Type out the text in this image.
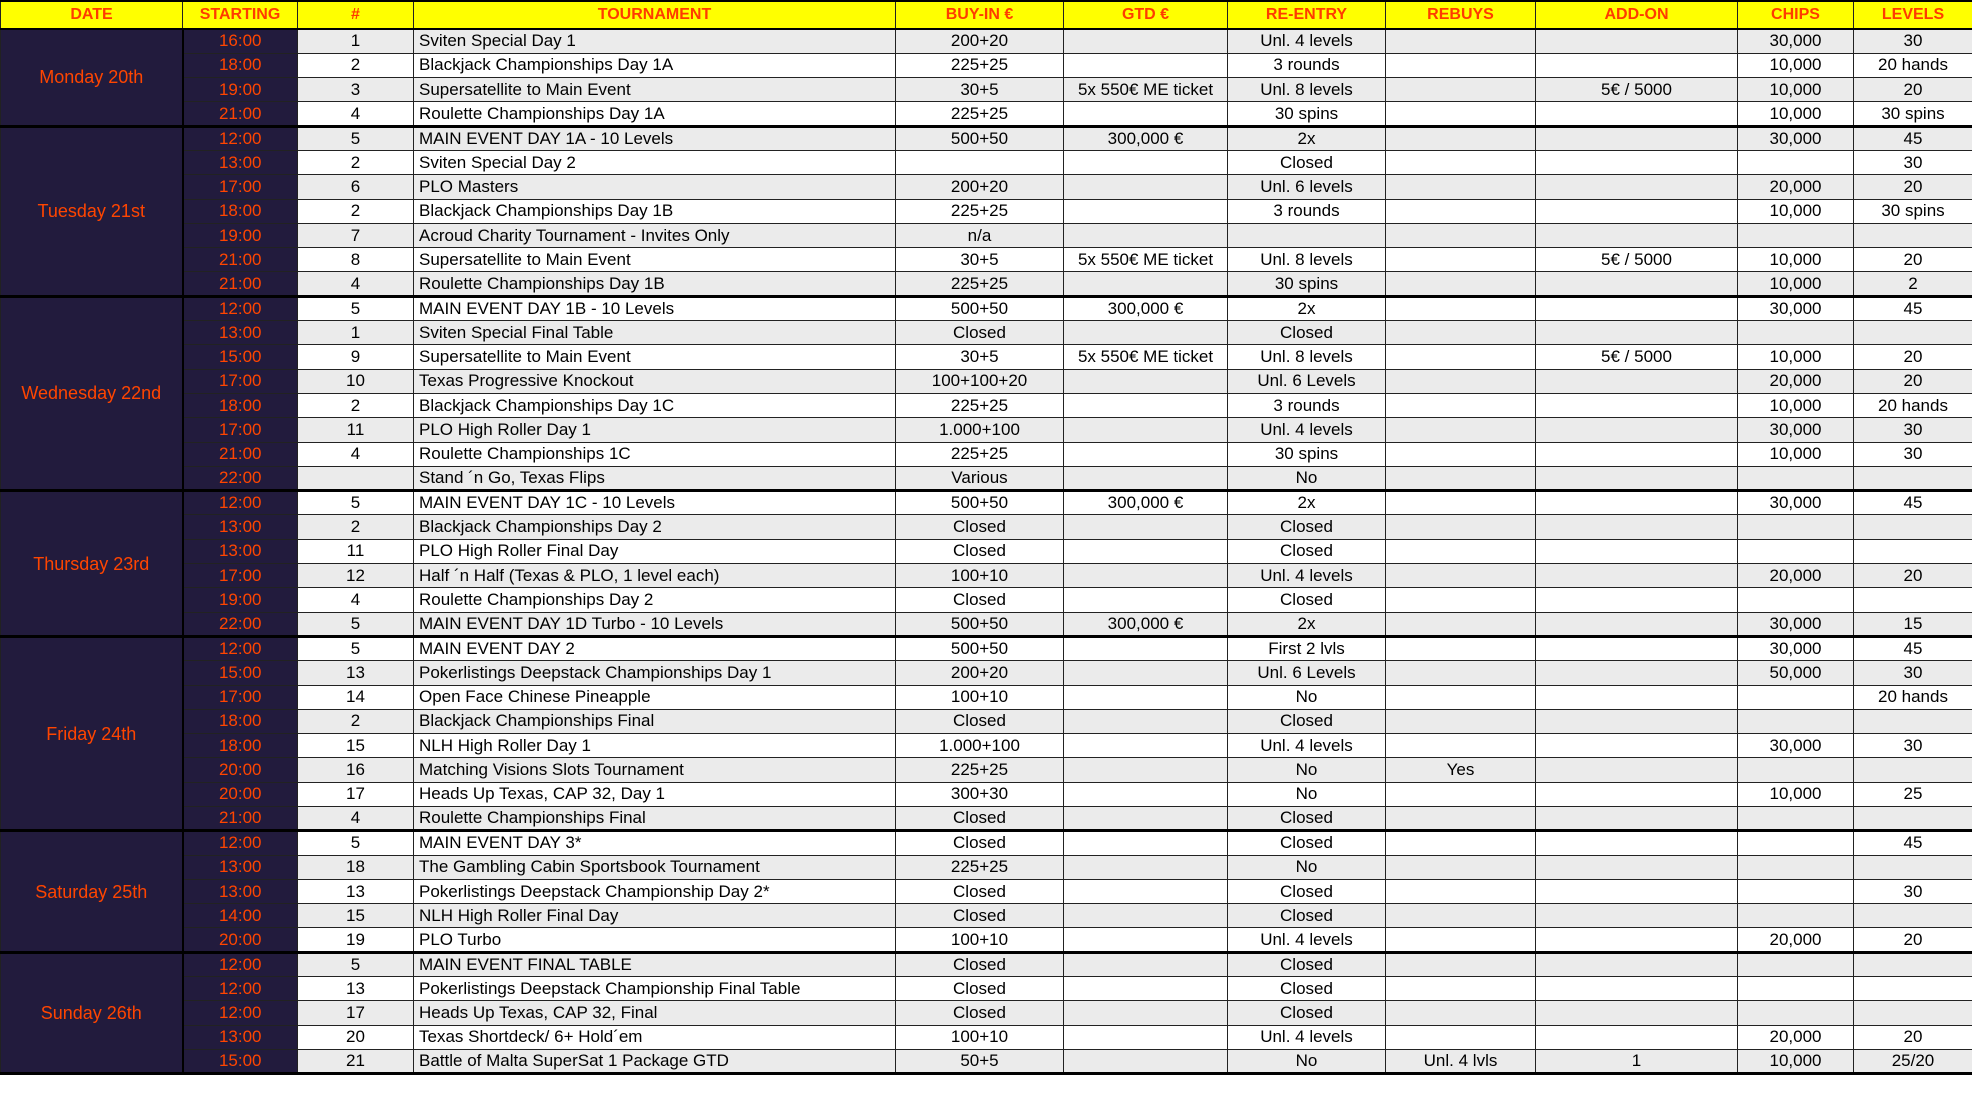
DATE	STARTING	#	TOURNAMENT	BUY-IN €	GTD €	RE-ENTRY	REBUYS	ADD-ON	CHIPS	LEVELS
Monday 20th	16:00	1	Sviten Special Day 1	200+20		Unl. 4 levels			30,000	30
	18:00	2	Blackjack Championships Day 1A	225+25		3 rounds			10,000	20 hands
	19:00	3	Supersatellite to Main Event	30+5	5x 550€ ME ticket	Unl. 8 levels		5€ / 5000	10,000	20
	21:00	4	Roulette Championships Day 1A	225+25		30 spins			10,000	30 spins
Tuesday 21st	12:00	5	MAIN EVENT DAY 1A - 10 Levels	500+50	300,000 €	2x			30,000	45
	13:00	2	Sviten Special Day 2			Closed				30
	17:00	6	PLO Masters	200+20		Unl. 6 levels			20,000	20
	18:00	2	Blackjack Championships Day 1B	225+25		3 rounds			10,000	30 spins
	19:00	7	Acroud Charity Tournament - Invites Only	n/a						
	21:00	8	Supersatellite to Main Event	30+5	5x 550€ ME ticket	Unl. 8 levels		5€ / 5000	10,000	20
	21:00	4	Roulette Championships Day 1B	225+25		30 spins			10,000	2
Wednesday 22nd	12:00	5	MAIN EVENT DAY 1B - 10 Levels	500+50	300,000 €	2x			30,000	45
	13:00	1	Sviten Special Final Table	Closed		Closed				
	15:00	9	Supersatellite to Main Event	30+5	5x 550€ ME ticket	Unl. 8 levels		5€ / 5000	10,000	20
	17:00	10	Texas Progressive Knockout	100+100+20		Unl. 6 Levels			20,000	20
	18:00	2	Blackjack Championships Day 1C	225+25		3 rounds			10,000	20 hands
	17:00	11	PLO High Roller Day 1	1.000+100		Unl. 4 levels			30,000	30
	21:00	4	Roulette Championships 1C	225+25		30 spins			10,000	30
	22:00		Stand ´n Go, Texas Flips	Various		No				
Thursday 23rd	12:00	5	MAIN EVENT DAY 1C - 10 Levels	500+50	300,000 €	2x			30,000	45
	13:00	2	Blackjack Championships Day 2	Closed		Closed				
	13:00	11	PLO High Roller Final Day	Closed		Closed				
	17:00	12	Half ´n Half (Texas & PLO, 1 level each)	100+10		Unl. 4 levels			20,000	20
	19:00	4	Roulette Championships Day 2	Closed		Closed				
	22:00	5	MAIN EVENT DAY 1D Turbo - 10 Levels	500+50	300,000 €	2x			30,000	15
Friday 24th	12:00	5	MAIN EVENT DAY 2	500+50		First 2 lvls			30,000	45
	15:00	13	Pokerlistings Deepstack Championships Day 1	200+20		Unl. 6 Levels			50,000	30
	17:00	14	Open Face Chinese Pineapple	100+10		No				20 hands
	18:00	2	Blackjack Championships Final	Closed		Closed				
	18:00	15	NLH High Roller Day 1	1.000+100		Unl. 4 levels			30,000	30
	20:00	16	Matching Visions Slots Tournament	225+25		No	Yes			
	20:00	17	Heads Up Texas, CAP 32, Day 1	300+30		No			10,000	25
	21:00	4	Roulette Championships Final	Closed		Closed				
Saturday 25th	12:00	5	MAIN EVENT DAY 3*	Closed		Closed				45
	13:00	18	The Gambling Cabin Sportsbook Tournament	225+25		No				
	13:00	13	Pokerlistings Deepstack Championship Day 2*	Closed		Closed				30
	14:00	15	NLH High Roller Final Day	Closed		Closed				
	20:00	19	PLO Turbo	100+10		Unl. 4 levels			20,000	20
Sunday 26th	12:00	5	MAIN EVENT FINAL TABLE	Closed		Closed				
	12:00	13	Pokerlistings Deepstack Championship Final Table	Closed		Closed				
	12:00	17	Heads Up Texas, CAP 32, Final	Closed		Closed				
	13:00	20	Texas Shortdeck/ 6+ Hold´em	100+10		Unl. 4 levels			20,000	20
	15:00	21	Battle of Malta SuperSat 1 Package GTD	50+5		No	Unl. 4 lvls	1	10,000	25/20
